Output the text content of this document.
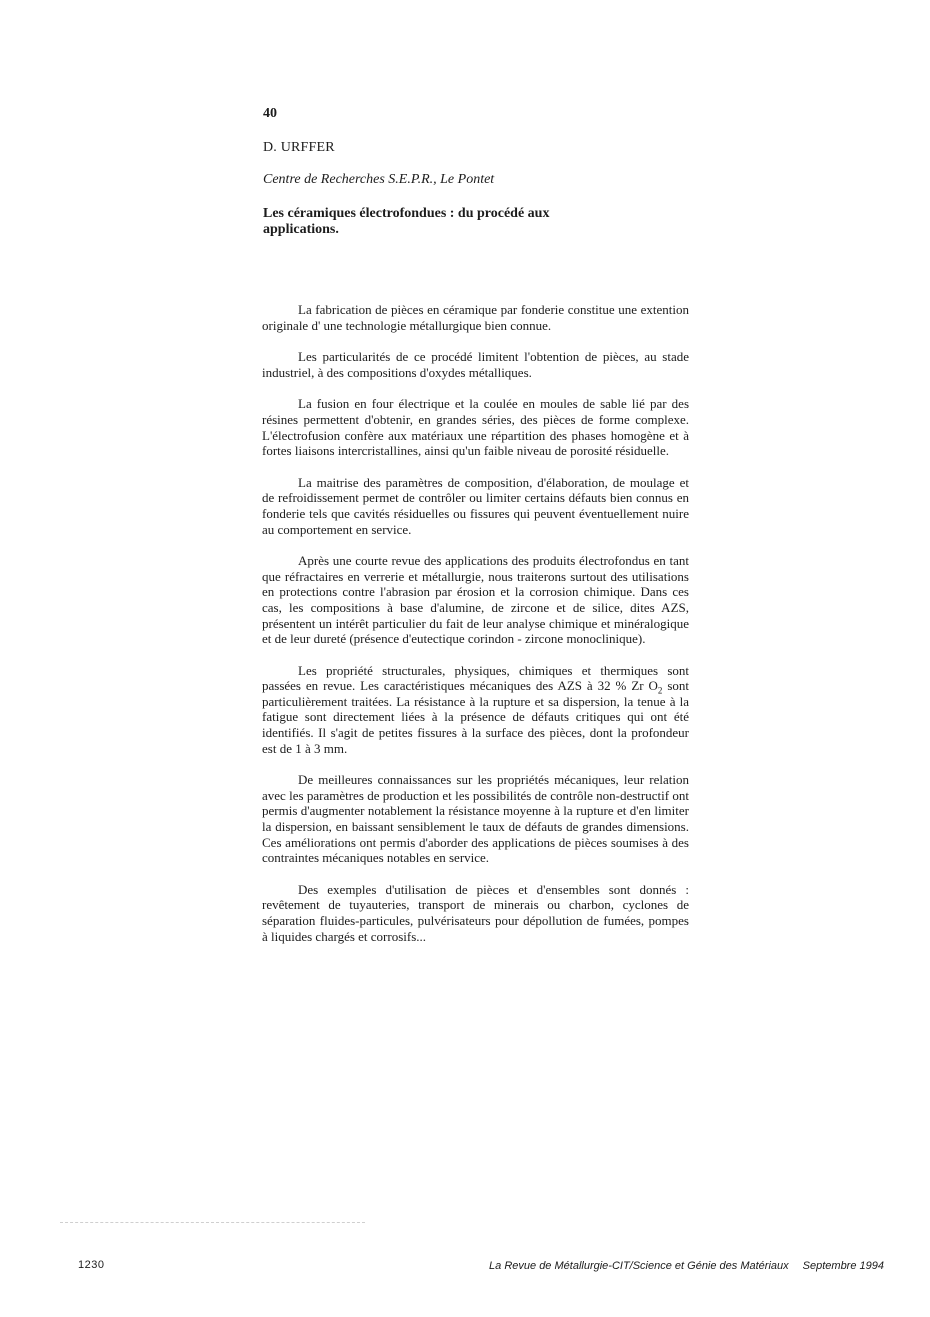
40
D. URFFER
Centre de Recherches S.E.P.R., Le Pontet
Les céramiques électrofondues : du procédé aux applications.

La fabrication de pièces en céramique par fonderie constitue une extention originale d' une technologie métallurgique bien connue.

Les particularités de ce procédé limitent l'obtention de pièces, au stade industriel, à des compositions d'oxydes métalliques.

La fusion en four électrique et la coulée en moules de sable lié par des résines permettent d'obtenir, en grandes séries, des pièces de forme complexe. L'électrofusion confère aux matériaux une répartition des phases homogène et à fortes liaisons intercristallines, ainsi qu'un faible niveau de porosité résiduelle.

La maitrise des paramètres de composition, d'élaboration, de moulage et de refroidissement permet de contrôler ou limiter certains défauts bien connus en fonderie tels que cavités résiduelles ou fissures qui peuvent éventuellement nuire au comportement en service.

Après une courte revue des applications des produits électrofondus en tant que réfractaires en verrerie et métallurgie, nous traiterons surtout des utilisations en protections contre l'abrasion par érosion et la corrosion chimique. Dans ces cas, les compositions à base d'alumine, de zircone et de silice, dites AZS, présentent un intérêt particulier du fait de leur analyse chimique et minéralogique et de leur dureté (présence d'eutectique corindon - zircone monoclinique).

Les propriété structurales, physiques, chimiques et thermiques sont passées en revue. Les caractéristiques mécaniques des AZS à 32 % Zr $O_2$ sont particulièrement traitées. La résistance à la rupture et sa dispersion, la tenue à la fatigue sont directement liées à la présence de défauts critiques qui ont été identifiés. Il s'agit de petites fissures à la surface des pièces, dont la profondeur est de 1 à 3 mm.

De meilleures connaissances sur les propriétés mécaniques, leur relation avec les paramètres de production et les possibilités de contrôle non-destructif ont permis d'augmenter notablement la résistance moyenne à la rupture et d'en limiter la dispersion, en baissant sensiblement le taux de défauts de grandes dimensions. Ces améliorations ont permis d'aborder des applications de pièces soumises à des contraintes mécaniques notables en service.

Des exemples d'utilisation de pièces et d'ensembles sont donnés : revêtement de tuyauteries, transport de minerais ou charbon, cyclones de séparation fluides-particules, pulvérisateurs pour dépollution de fumées, pompes à liquides chargés et corrosifs...

1230	La Revue de Métallurgie-CIT/Science et Génie des Matériaux Septembre 1994
